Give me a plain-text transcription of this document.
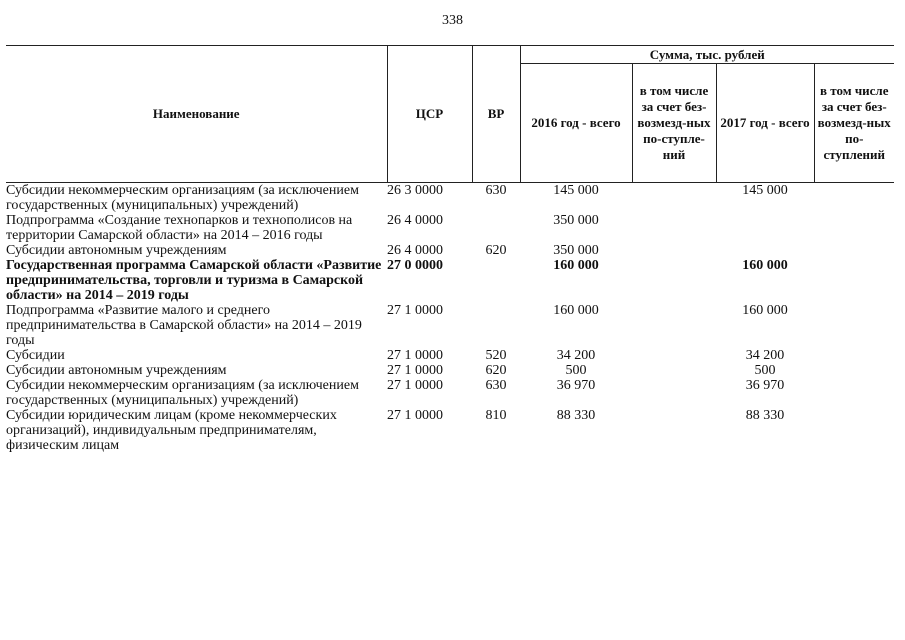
338
Наименование	ЦСР	ВР	Сумма, тыс. рублей			
			2016 год - всего	в том числе за счет без-возмезд-ных по-ступле-ний	2017 год - всего	в том числе за счет без-возмезд-ных по-ступлений
Субсидии некоммерческим организациям (за исключением государственных (муниципальных) учреждений)	26 3 0000	630	145 000		145 000	
Подпрограмма «Создание технопарков и технополисов на территории Самарской области» на 2014 – 2016 годы	26 4 0000		350 000			
Субсидии автономным учреждениям	26 4 0000	620	350 000			
Государственная программа Самарской области «Развитие предпринимательства, торговли и туризма в Самарской области» на 2014 – 2019 годы	27 0 0000		160 000		160 000	
Подпрограмма «Развитие малого и среднего предпринимательства в Самарской области» на 2014 – 2019 годы	27 1 0000		160 000		160 000	
Субсидии	27 1 0000	520	34 200		34 200	
Субсидии автономным учреждениям	27 1 0000	620	500		500	
Субсидии некоммерческим организациям (за исключением государственных (муниципальных) учреждений)	27 1 0000	630	36 970		36 970	
Субсидии юридическим лицам (кроме некоммерческих организаций), индивидуальным предпринимателям, физическим лицам	27 1 0000	810	88 330		88 330	
